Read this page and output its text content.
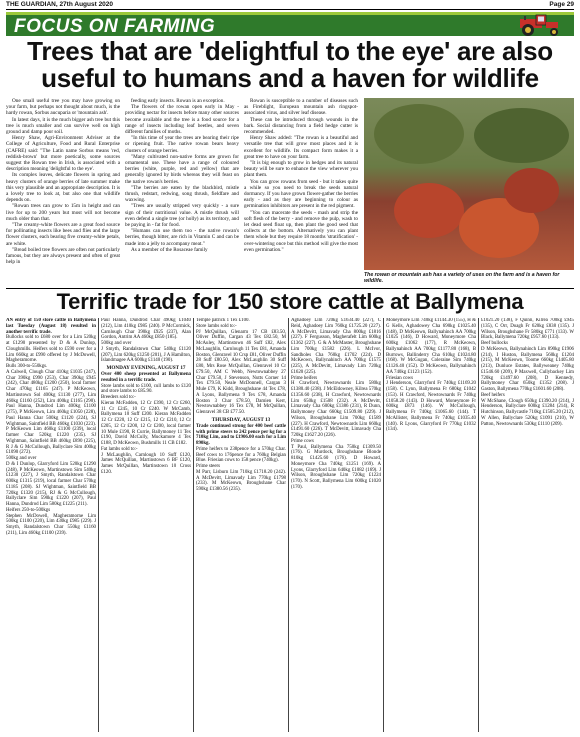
THE GUARDIAN, 27th August 2020	Page 29
FOCUS ON FARMING
Trees that are 'delightful to the eye' are also useful to humans and a haven for wildlife

One small useful tree you may have growing on your farm, but perhaps not thought about much, is the hardy rowan, Sorbus aucuparia or 'mountain ash'.

In latest days, it is the much bigger ash tree but this tree is much smaller and can survive well on high ground and damp poor soil.

Henry Shaw, Agri-Environment Adviser at the College of Agriculture, Food and Rural Enterprise (CAFRE) said: "The Latin name Sorbus means 'red, reddish-brown' but more poetically, some sources suggest the Rowan tree in Irish, is associated with a description meaning 'delightful to the eye'.

Its complex leaves, delicate flowers in spring and heavy clusters of orange berries of late summer make this very plausible and an appropriate description. It is a lovely tree to look at, but also one that wildlife depends on.

"Rowan trees can grow to 15m in height and can live for up to 200 years but most will not become much older than that.

"The creamy-white flowers are a great food source for pollinating insects like bees and flies and the large flower clusters, each bearing five creamy-white petals, are white.

"Bread boiled tree flowers are often not particularly famous, but they are always present and often of great help in

feeding early insects. Rowan is an exception.

The flowers of the rowan open early in May - providing nectar for insects before many other sources become available and the tree is a food source for a range of insects including leaf beetles, and seven different families of moths.

"In this time of year the trees are bearing their ripe or ripening fruit. The native rowan bears heavy clusters of orange berries.

"Many cultivated non-native forms are grown for ornamental use. These have a range of coloured berries (white, purple, red and yellow) that are generally ignored by birds whereas they will feast on the native rowan's berries.

"The berries are eaten by the blackbird, mistle thrush, redstart, redwing, song thrush, fieldfare and waxwing.

"Trees are usually stripped very quickly - a sure sign of their nutritional value. A mistle thrush will even defend a single tree (or holly) as its territory, and be paying in - fat for food.

"Humans can use them too - the native rowan's berries, though bitter, are rich in Vitamin C and can be made into a jelly to accompany meat."

As a member of the Rosaceae family

Rowan is susceptible to a number of diseases such as Fireblight, European mountain ash ringspot-associated virus, and silver leaf disease.

These can be introduced through wounds in the bark. Social distancing from a field hedge cutter is recommended.

Henry Shaw added: "The rowan is a beautiful and versatile tree that will grow most places and it is excellent for wildlife. Its compact form makes it a great tree to have on your farm.

"It is big enough to grow in hedges and its natural beauty will be sure to enhance the view wherever you plant them.

You can grow rowans from seed - but it takes quite a while so you need to break the seeds natural dormancy. If you have grown flower-gather the berries early - and as they are beginning to colour as germination inhibitors are present in the red pigment.

"You can macerate the seeds - mash and strip the soft flesh of the berry - and remove the pulp, wash to let dead seed float up, then plant the good seed that collects at the bottom. Alternatively you can plant them whole but they require 18 months 'stratification' - over-wintering once but this method will give the most even germination."

The rowan or mountain ash has a variety of uses on the farm and is a haven for wildlife.
Terrific trade for 150 store cattle at Ballymena

AN entry of 150 store cattle in Ballymena last Tuesday (August 18) resulted in another terrific trade.

Bullocks sold to £680 over for a Lim 520kg at £1290 presented by D & A Dunlop, Cloughmills. Heifers sold to £590 over for a Lim 660kg at £990 offered by J McDowell, Magheramorne.

Bulls 300-to-550kgs.

A Calwell, Clough Char 410kg £1035 (247), Char 390kg £990 (253), Char 390kg £945 (242), Char 480kg £1200 (250), local farmer Char 470kg £1165 (247). P McKeown, Martinstown Sol 400kg £1130 (277), Lim 460kg £1160 (252), Lim 400kg £1165 (290). Paul Hanna, Dundrod Lim 400kg £1100 (275), P McKeown, Lim 460kg £1050 (228), Paul Hanna Char 500kg £1120 (224), SJ Wightman, Saintfield BB 460kg £1030 (223). P McKeown Lim 460kg £1100 (239), local farmer Char 520kg £1220 (235). SJ Wightman, Saintfield BB 460kg £890 (225), R J & G McCullough, Ballyclare Sim 400kg £1090 (272).

500kg and over

D & I Dunlop, Glarryford Lim 520kg £1290 (248), P McKeown, Martinstown Sim 540kg £1230 (227), J Smyth, Randalstown Char 600kg £1315 (219), local farmer Char 570kg £1185 (208). SJ Wightman, Saintfield BB 720kg £1320 (215), RJ & G McCullough, Ballyclare Sim 590kg £1220 (207), Paul Hanna, Dundrod Lim 580kg £1225 (211).

Heifers 250-to-500kgs

Stephen McDowell, Magheramorne Lim 500kg £1100 (220), Lim 430kg £985 (229). J Smyth, Randalstown Char 550kg £1160 (211), Lim 460kg £1100 (239).

Paul Hanna, Dundrod Char 490kg £1040 (212), Lim 410kg £985 (240). P McCormick, Carnlough Char 390kg £925 (237), Alan Gordon, Antrim AA 460kg £850 (185).

500kg and over

J Smyth, Randalstown Char 540kg £1120 (207), Lim 620kg £1250 (201), J A Hamilton, Islandmagee AA 600kg £1140 (190).

MONDAY EVENING, AUGUST 17

Over 400 sheep presented at Ballymena resulted in a terrific trade.

Store lambs sold to £100, cull lambs to £120 and store lambs to £85.90.

Breeders sold to:-

Kieran McFadden, 12 Cr £390, 12 Cr £260, 11 Cr £245, 10 Cr £240. W McCamb, Ballymena 10 Suff £200. Kieran McFadden 12 Cr £220, 12 Cr £215, 12 Cr £210, 12 Cr £205, 12 Cr £200, 12 Cr £200, local farmer 10 Mule £190, R Currie, Ballymoney 11 Tex £190, David McCully, Muckamore 4 Tex £188, D McKeown, Bushmills 11 CB £182.

Fat lambs sold to:-

J McLaughlin, Carnlough 10 Suff £120, James McQuillan, Martinstown 6 BF £120, James McQuillan, Martinstown 10 Cross £120.

Temple patrick 1 Tex £100.

Store lambs sold to:-

PJ McQuillan, Glenarm 17 CB £83.50, Oliver Duffin, Cargan 43 Tex £82.50, M McAuley, Martinstown 46 Suff £82, Alex McLaughlin, Carnlough 11 Tex £81, Amanda Boston, Glenravel 10 Crsp £81, Oliver Duffin 28 Suff £80.50, Alex McLaughlin 30 Suff £80, Mrs Rose McQuillan, Glenravel 10 Cr £79.50, AM C Webb, Newtownabbey 27 Char £79.50, J Stevenson, Nutts Corner 14 Tex £79.50, Neale McDonnell, Cargan 3 Mule £79, K Kidd, Broughshane 44 Tex £78, A Lyons, Ballymena 9 Tex £78, Amanda Boston 3 Char £78.50, Damien Kerr, Newtownabbey 16 Tex £78, M McQuillan, Glenravel 38 CB £77.50.

THURSDAY, AUGUST 13

Trade continued strong for 400 beef cattle with prime steers to 242 pence per kg for a 710kg Lim, and to £1906.00 each for a Lim 890kg.

Prime heifers to 238pence for a 570kg Char. Beef cows to 176pence for a 760kg Belgian Blue. Friesian cows to 158 pence (740kg).

Prime steers

M Parr, Lisburn Lim 710kg £1718.20 (242). A McDevitt, Limavady Lim 770kg £1798 (233). M McKeown, Broughshane Char 590kg £1380.56 (235).

Aghadoey Lim 720kg £1634.40 (227), C Reid, Aghadoey Lim 760kg £1725.20 (227). A McDevitt, Limavady Cha 800kg £1816 (227). F Fergusson, Magherafelt Lim 600kg £1362 (227). G & A McMaster, Broughshane Lim 700kg £1582 (226). L McIvor, Sandholes Cha 760kg £1702 (224). D McKeown, Ballynahinch AA 700kg £1575 (225), A McDevitt, Limavady Lim 720kg £1620 (225).

Prime heifers

H Crawford, Newtownards Lim 580kg £1380.40 (238). J McEldowney, Kilrea 570kg £1356.60 (238), H Crawford, Newtownards Lim 650kg £1508 (232). A McDevitt, Limavady Cha 600kg £1386 (231), R Dunn, Ballymoney Char 660kg £1509.80 (229). J Wilson, Broughshane Lim 700kg £1589 (227). H Crawford, Newtownards Lim 660kg £1491.60 (226). T McDevitt, Limavady Cha 720kg £1627.20 (226).

Prime cows

T Paul, Ballymena Cha 750kg £1309.50 (176). G Murdock, Broughshane Blonde 810kg £1425.60 (176). D Howard, Moneymore Cha 740kg £1251 (169). A Lyons, Glarryford Lim 640kg £1082 (169). J Wilson, Broughshane Lim 720kg £1224 (170). N Scott, Ballymena Lim 600kg £1020 (170).

Moneymore Lim 740kg £1144.30 (155), H & G Kells, Aghadowey Cha 690kg £1025.40 (148), D McKeown, Ballynahinch AA 700kg £1025 (146), D Howard, Moneymore Cha 600kg £1062 (177), R McKeown, Ballynahinch AA 700kg £1177.80 (168), B Burrows, Ballinderry Cha 610kg £1024.80 (168). W McGugan, Coleraine Sim 740kg £1126.40 (152). D McKeown, Ballynahinch AA 740kg £1123 (152).

Friesian cows

J Henderson, Glarryford Fr 740kg £1169.20 (158). C Lynn, Ballymena Fr 680kg £1042 (153). H Crawford, Newtownards Fr 740kg £1058.20 (143). D Howard, Moneymore Fr 600kg £873 (146). W McCullough, Ballymena Fr 740kg £1065.60 (144). T McAllister, Ballymena Fr 740kg £1035.40 (140). R Lyons, Glarryford Fr 770kg £1032 (134).

£1021.20 (138), F Quinn, Kilrea 700kg £945 (135), C Orr, Doagh Fr 620kg £838 (135). J Wilson, Broughshane Fr 580kg £771 (133). W Black, Ballymena 720kg £957.60 (133).

Beef bullocks

D McKeown, Ballynahinch Lim 890kg £1906 (214), I Huston, Ballymena 560kg £1204 (215), M McKeown, Toome 660kg £1405.80 (213), Dunluce Estates, Ballyweaney 740kg £1546.60 (209), P Maxwell, Cullybackey Lim 720kg £1497.60 (208), D Kennedy, Ballymoney Char 650kg £1352 (208). J Gaston, Ballymena 770kg £1601.60 (208).

Beef heifers

W McShane, Clough 650kg £1390.20 (214), J Henderson, Ballyclare 600kg £1284 (214), R Hutchinson, Ballycastle 710kg £1505.20 (212), W Allen, Ballyclare 520kg £1091 (210), W Patton, Newtownards 530kg £1110 (209).
